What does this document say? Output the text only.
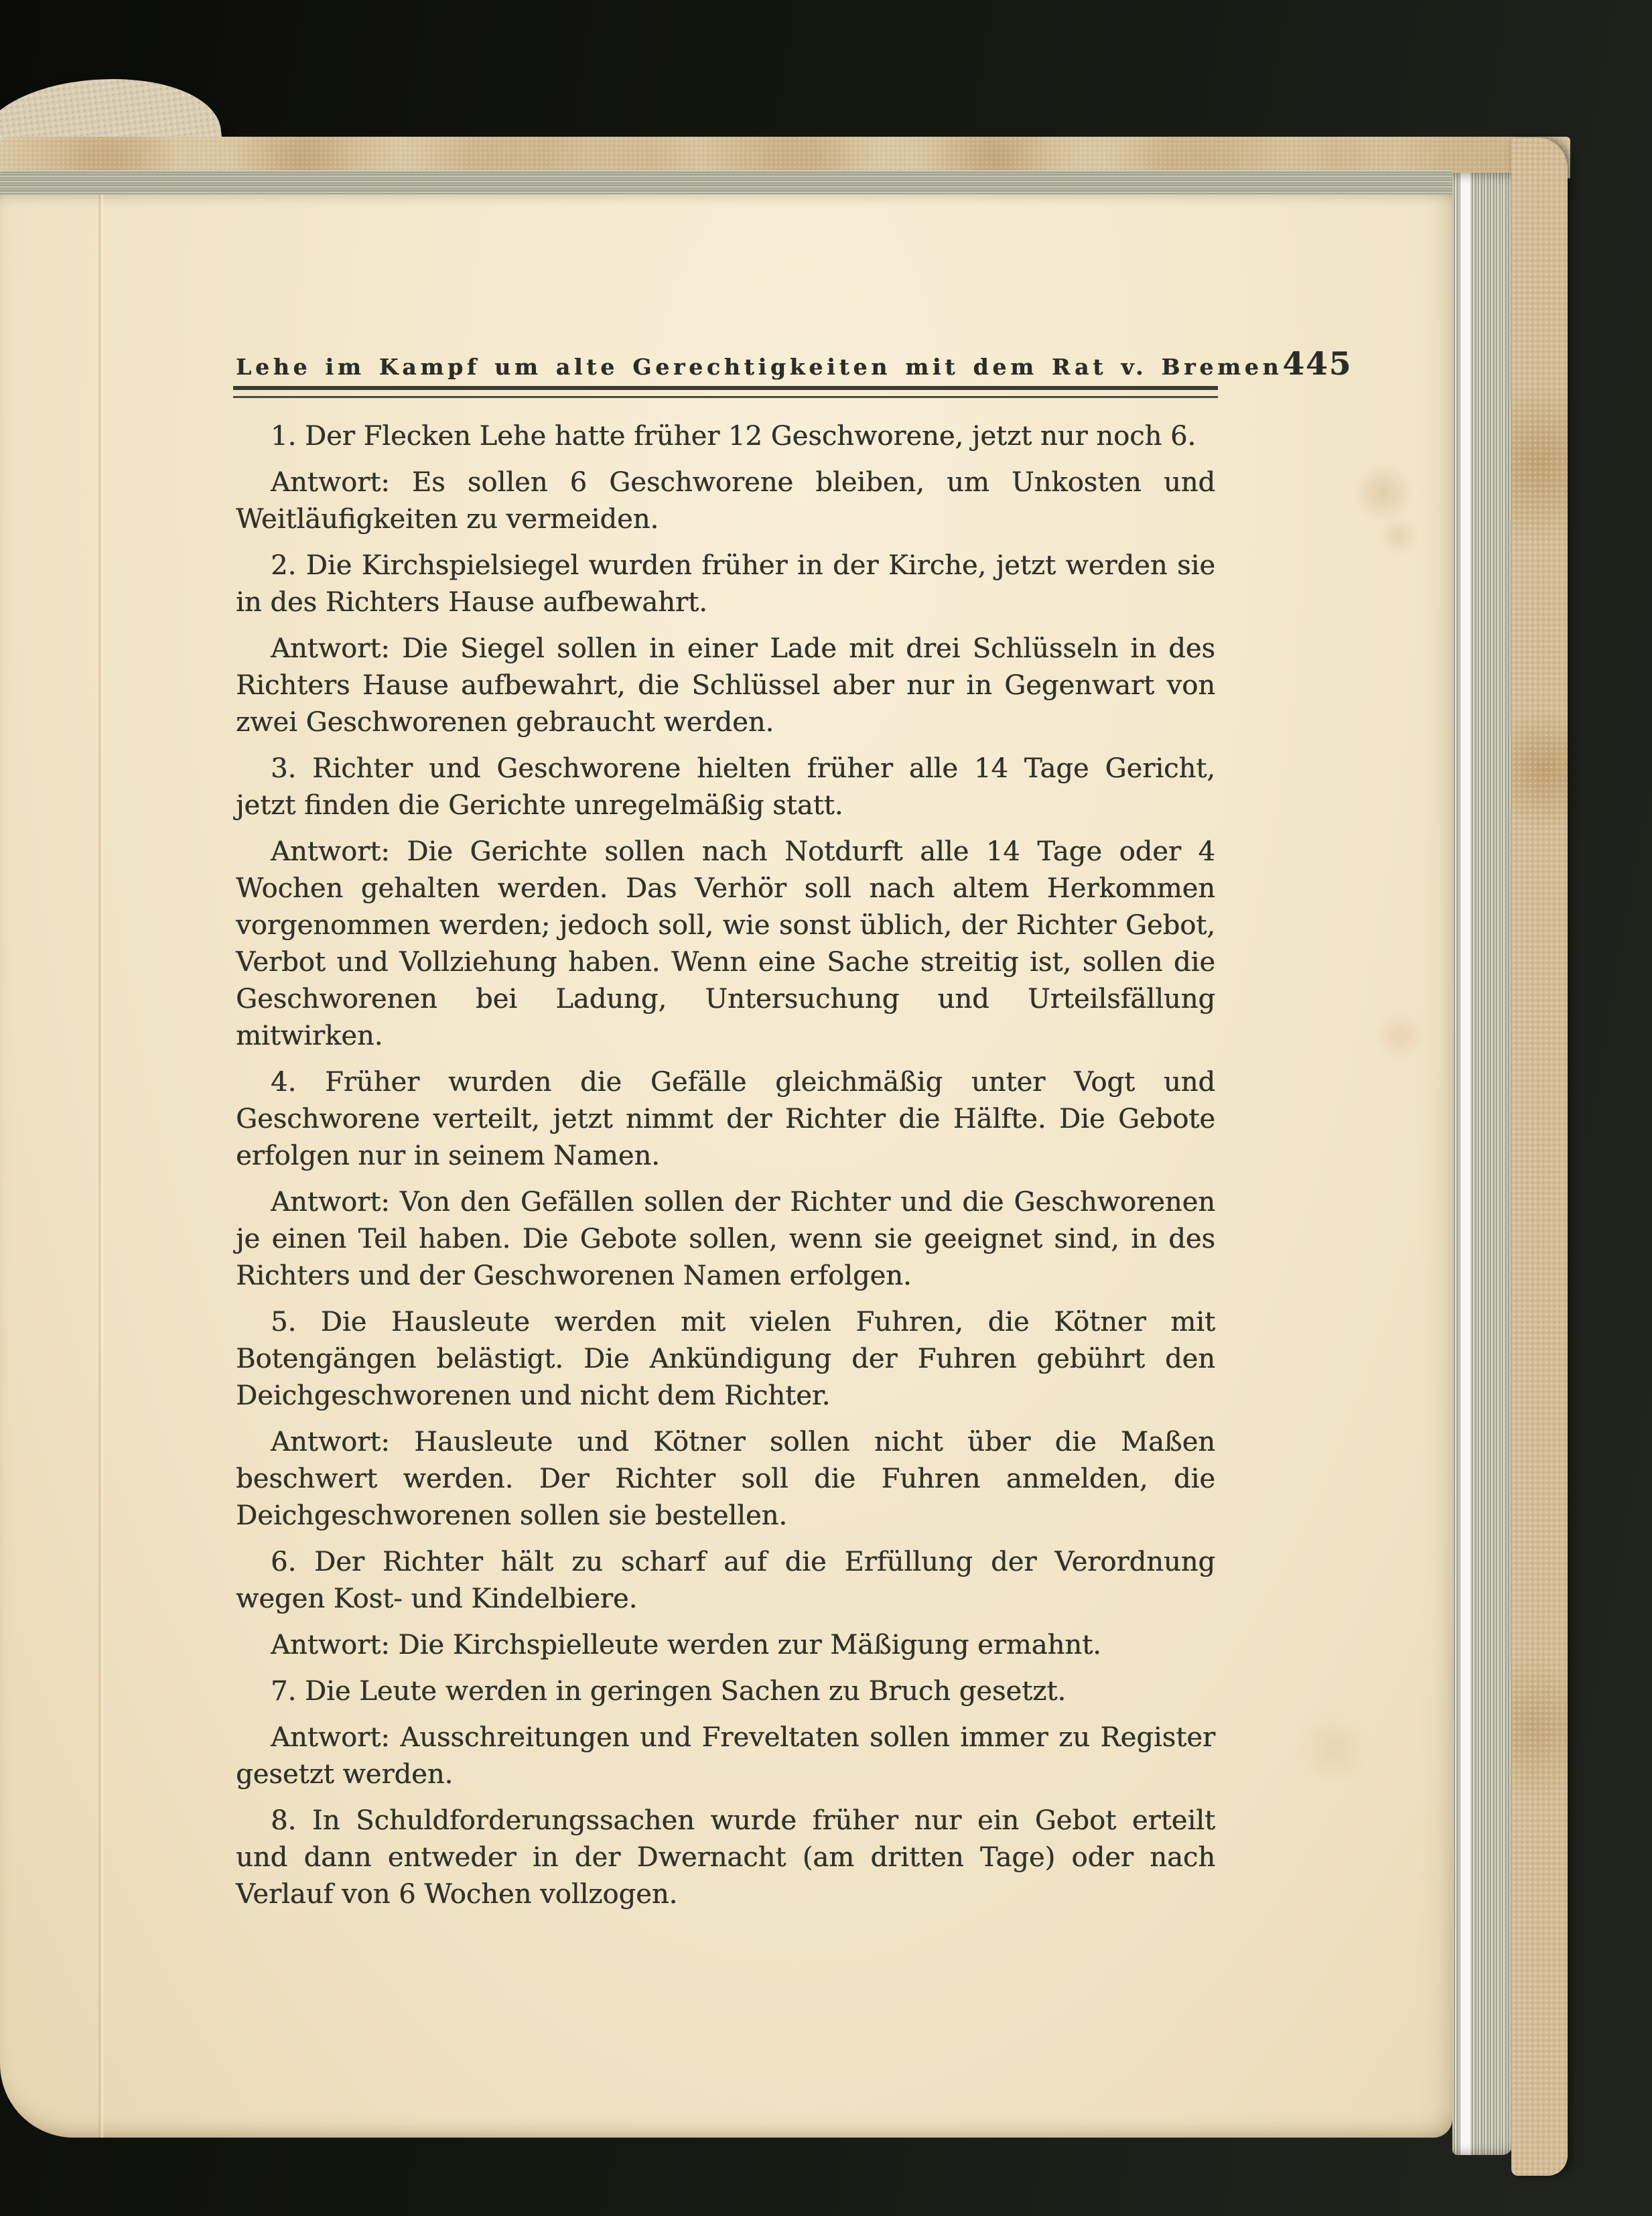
Lehe im Kampf um alte Gerechtigkeiten mit dem Rat v. Bremen 445

1. Der Flecken Lehe hatte früher 12 Geschworene, jetzt nur noch 6.

Antwort: Es sollen 6 Geschworene bleiben, um Unkosten und Weitläufigkeiten zu vermeiden.

2. Die Kirchspielsiegel wurden früher in der Kirche, jetzt werden sie in des Richters Hause aufbewahrt.

Antwort: Die Siegel sollen in einer Lade mit drei Schlüsseln in des Richters Hause aufbewahrt, die Schlüssel aber nur in Gegenwart von zwei Geschworenen gebraucht werden.

3. Richter und Geschworene hielten früher alle 14 Tage Gericht, jetzt finden die Gerichte unregelmäßig statt.

Antwort: Die Gerichte sollen nach Notdurft alle 14 Tage oder 4 Wochen gehalten werden. Das Verhör soll nach altem Herkommen vorgenommen werden; jedoch soll, wie sonst üblich, der Richter Gebot, Verbot und Vollziehung haben. Wenn eine Sache streitig ist, sollen die Geschworenen bei Ladung, Untersuchung und Urteilsfällung mitwirken.

4. Früher wurden die Gefälle gleichmäßig unter Vogt und Geschworene verteilt, jetzt nimmt der Richter die Hälfte. Die Gebote erfolgen nur in seinem Namen.

Antwort: Von den Gefällen sollen der Richter und die Geschworenen je einen Teil haben. Die Gebote sollen, wenn sie geeignet sind, in des Richters und der Geschworenen Namen erfolgen.

5. Die Hausleute werden mit vielen Fuhren, die Kötner mit Botengängen belästigt. Die Ankündigung der Fuhren gebührt den Deichgeschworenen und nicht dem Richter.

Antwort: Hausleute und Kötner sollen nicht über die Maßen beschwert werden. Der Richter soll die Fuhren anmelden, die Deichgeschworenen sollen sie bestellen.

6. Der Richter hält zu scharf auf die Erfüllung der Verordnung wegen Kost- und Kindelbiere.

Antwort: Die Kirchspielleute werden zur Mäßigung ermahnt.

7. Die Leute werden in geringen Sachen zu Bruch gesetzt.

Antwort: Ausschreitungen und Freveltaten sollen immer zu Register gesetzt werden.

8. In Schuldforderungssachen wurde früher nur ein Gebot erteilt und dann entweder in der Dwernacht (am dritten Tage) oder nach Verlauf von 6 Wochen vollzogen.
